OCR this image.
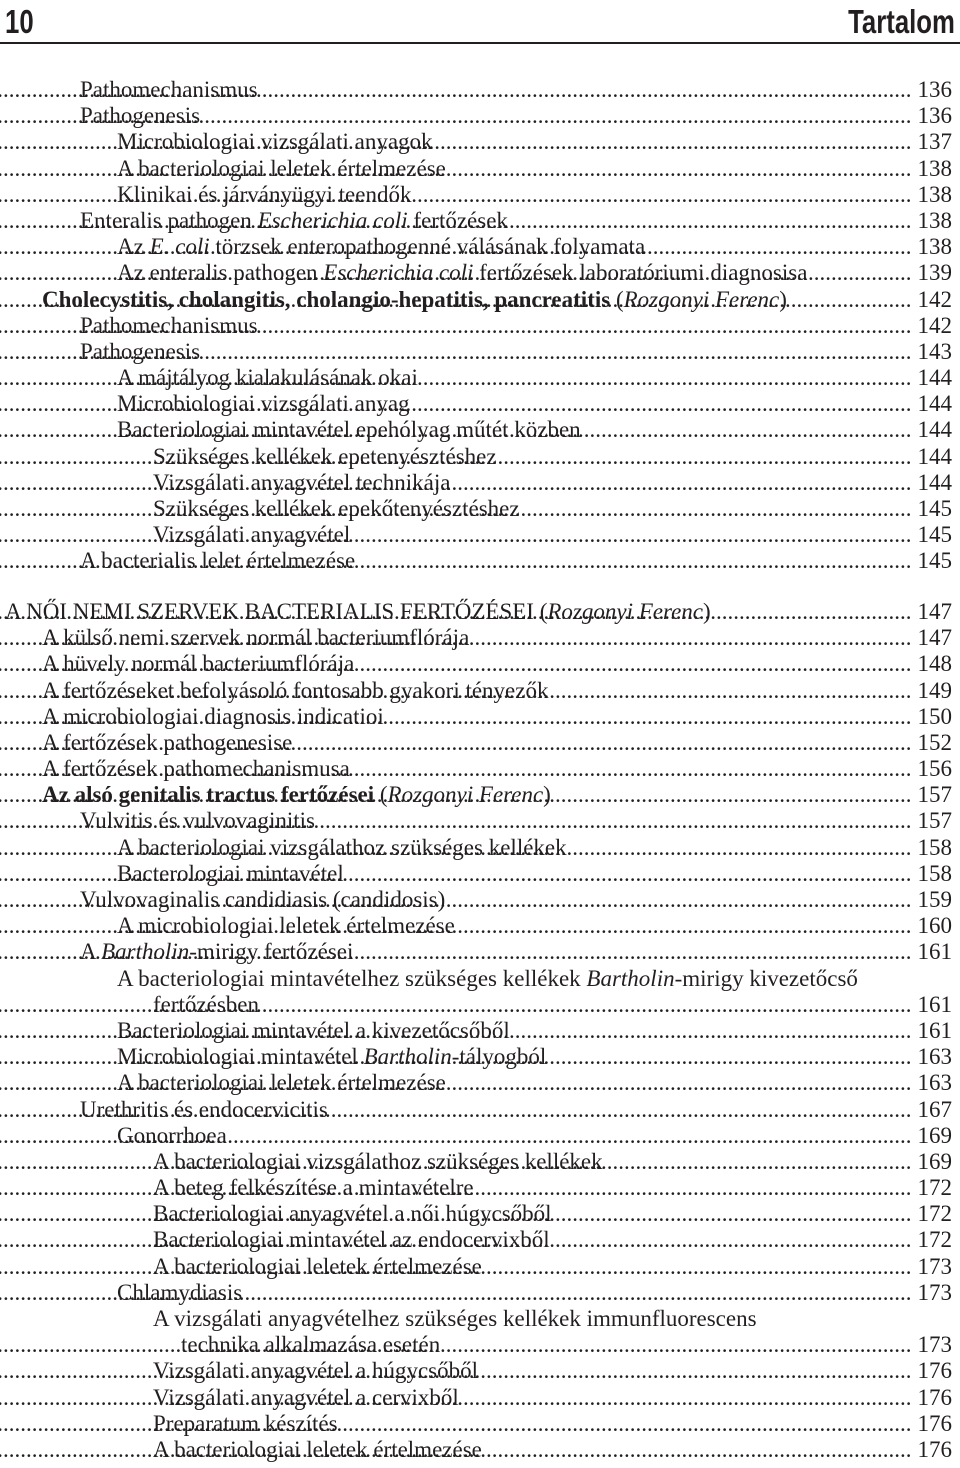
10	Tartalom
Pathomechanismus .....	136
Pathogenesis .....	136
Microbiologiai vizsgálati anyagok .....	137
A bacteriologiai leletek értelmezése .....	138
Klinikai és járványügyi teendők .....	138
Enteralis pathogen Escherichia coli fertőzések .....	138
Az E. coli törzsek enteropathogenné válásának folyamata .....	138
Az enteralis pathogen Escherichia coli fertőzések laboratóriumi diagnosisa .....	139
Cholecystitis, cholangitis, cholangio-hepatitis, pancreatitis (Rozgonyi Ferenc) .....	142
Pathomechanismus .....	142
Pathogenesis .....	143
A májtályog kialakulásának okai .....	144
Microbiologiai vizsgálati anyag .....	144
Bacteriologiai mintavétel epehólyag műtét közben .....	144
Szükséges kellékek epetenyésztéshez .....	144
Vizsgálati anyagvétel technikája .....	144
Szükséges kellékek epekőtenyésztéshez .....	145
Vizsgálati anyagvétel .....	145
A bacterialis lelet értelmezése .....	145
A NŐI NEMI SZERVEK BACTERIALIS FERTŐZÉSEI (Rozgonyi Ferenc) .....	147
A külső nemi szervek normál bacteriumflórája .....	147
A hüvely normál bacteriumflórája .....	148
A fertőzéseket befolyásoló fontosabb gyakori tényezők .....	149
A microbiologiai diagnosis indicatioi .....	150
A fertőzések pathogenesise .....	152
A fertőzések pathomechanismusa .....	156
Az alsó genitalis tractus fertőzései (Rozgonyi Ferenc) .....	157
Vulvitis és vulvovaginitis .....	157
A bacteriologiai vizsgálathoz szükséges kellékek .....	158
Bacterologiai mintavétel .....	158
Vulvovaginalis candidiasis (candidosis) .....	159
A microbiologiai leletek értelmezése .....	160
A Bartholin-mirigy fertőzései .....	161
A bacteriologiai mintavételhez szükséges kellékek Bartholin-mirigy kivezetőcső
fertőzésben .....	161
Bacteriologiai mintavétel a kivezetőcsőből .....	161
Microbiologiai mintavétel Bartholin-tályogból .....	163
A bacteriologiai leletek értelmezése .....	163
Urethritis és endocervicitis .....	167
Gonorrhoea .....	169
A bacteriologiai vizsgálathoz szükséges kellékek .....	169
A beteg felkészítése a mintavételre .....	172
Bacteriologiai anyagvétel a női húgycsőből .....	172
Bacteriologiai mintavétel az endocervixből .....	172
A bacteriologiai leletek értelmezése .....	173
Chlamydiasis .....	173
A vizsgálati anyagvételhez szükséges kellékek immunfluorescens
technika alkalmazása esetén .....	173
Vizsgálati anyagvétel a húgycsőből .....	176
Vizsgálati anyagvétel a cervixből .....	176
Preparatum készítés .....	176
A bacteriologiai leletek értelmezése .....	176
